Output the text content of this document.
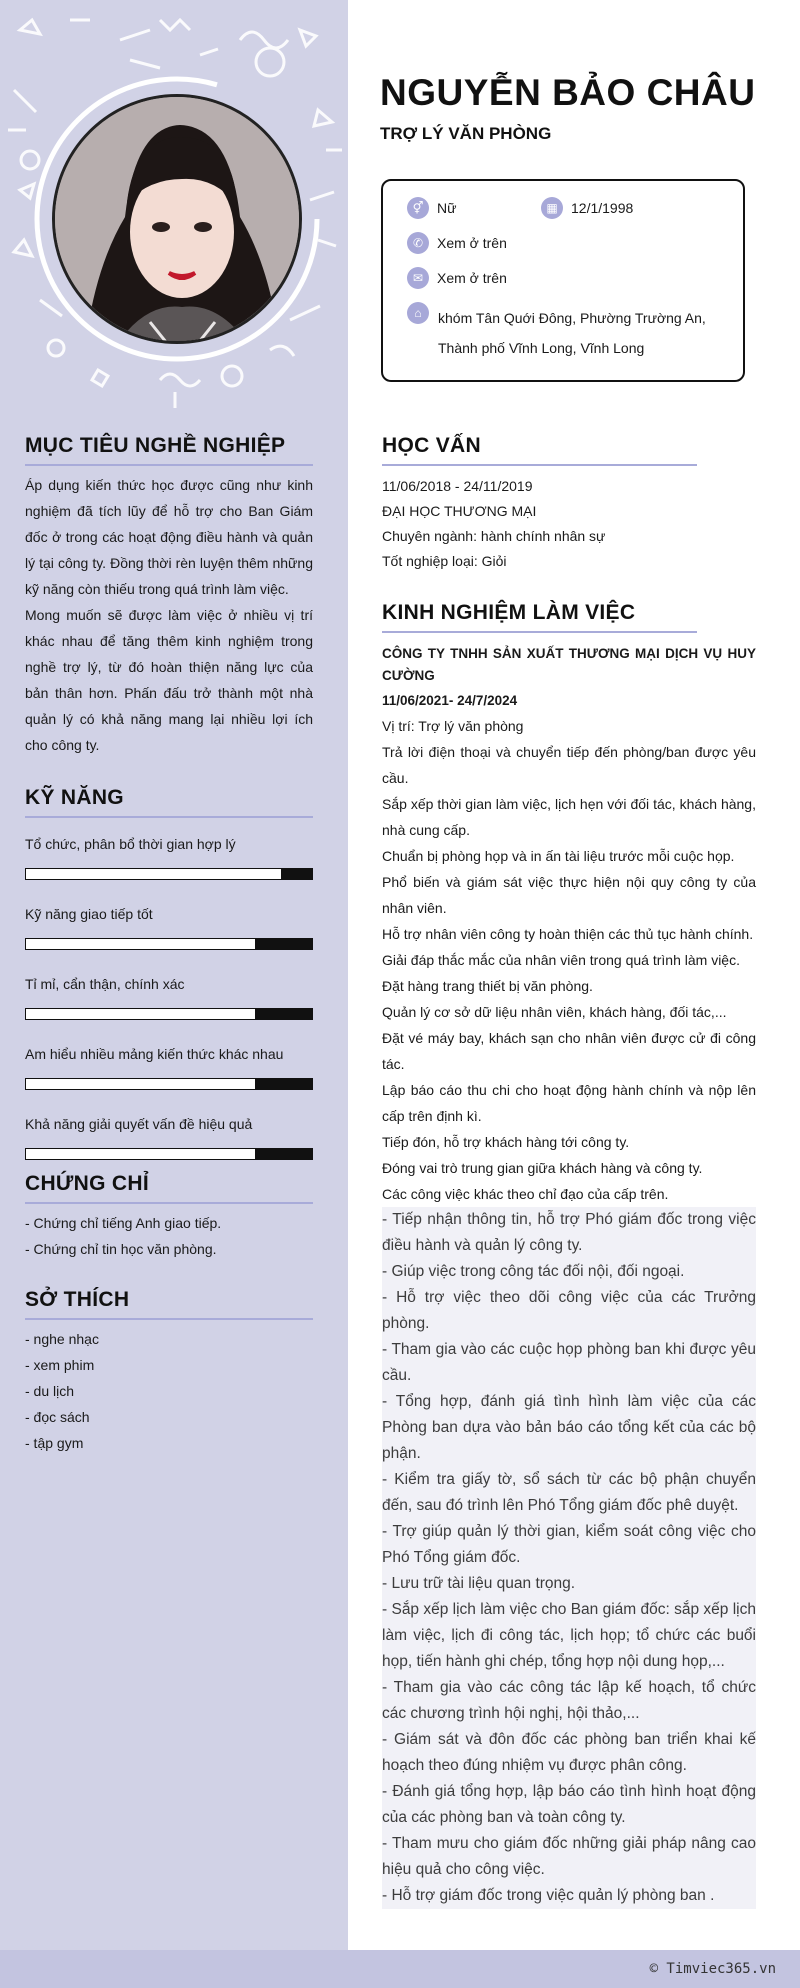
MỤC TIÊU NGHỀ NGHIỆP

Áp dụng kiến thức học được cũng như kinh nghiệm đã tích lũy để hỗ trợ cho Ban Giám đốc ở trong các hoạt động điều hành và quản lý tại công ty. Đồng thời rèn luyện thêm những kỹ năng còn thiếu trong quá trình làm việc.

Mong muốn sẽ được làm việc ở nhiều vị trí khác nhau để tăng thêm kinh nghiệm trong nghề trợ lý, từ đó hoàn thiện năng lực của bản thân hơn. Phấn đấu trở thành một nhà quản lý có khả năng mang lại nhiều lợi ích cho công ty.

KỸ NĂNG
Tổ chức, phân bổ thời gian hợp lý
Kỹ năng giao tiếp tốt
Tỉ mỉ, cẩn thận, chính xác
Am hiểu nhiều mảng kiến thức khác nhau
Khả năng giải quyết vấn đề hiệu quả
CHỨNG CHỈ
- Chứng chỉ tiếng Anh giao tiếp.
- Chứng chỉ tin học văn phòng.
SỞ THÍCH
- nghe nhạc
- xem phim
- du lịch
- đọc sách
- tập gym
NGUYỄN BẢO CHÂU
TRỢ LÝ VĂN PHÒNG
⚥ Nữ	▦ 12/1/1998
✆ Xem ở trên
✉ Xem ở trên
⌂	khóm Tân Quới Đông, Phường Trường An,
Thành phố Vĩnh Long, Vĩnh Long
HỌC VẤN
11/06/2018 - 24/11/2019
ĐẠI HỌC THƯƠNG MẠI
Chuyên ngành: hành chính nhân sự
Tốt nghiệp loại: Giỏi
KINH NGHIỆM LÀM VIỆC
CÔNG TY TNHH SẢN XUẤT THƯƠNG MẠI DỊCH VỤ HUY CƯỜNG
11/06/2021- 24/7/2024
Vị trí: Trợ lý văn phòng
Trả lời điện thoại và chuyển tiếp đến phòng/ban được yêu cầu.
Sắp xếp thời gian làm việc, lịch hẹn với đối tác, khách hàng, nhà cung cấp.
Chuẩn bị phòng họp và in ấn tài liệu trước mỗi cuộc họp.
Phổ biến và giám sát việc thực hiện nội quy công ty của nhân viên.
Hỗ trợ nhân viên công ty hoàn thiện các thủ tục hành chính.
Giải đáp thắc mắc của nhân viên trong quá trình làm việc.
Đặt hàng trang thiết bị văn phòng.
Quản lý cơ sở dữ liệu nhân viên, khách hàng, đối tác,...
Đặt vé máy bay, khách sạn cho nhân viên được cử đi công tác.
Lập báo cáo thu chi cho hoạt động hành chính và nộp lên cấp trên định kì.
Tiếp đón, hỗ trợ khách hàng tới công ty.
Đóng vai trò trung gian giữa khách hàng và công ty.
Các công việc khác theo chỉ đạo của cấp trên.
- Tiếp nhận thông tin, hỗ trợ Phó giám đốc trong việc điều hành và quản lý công ty.
- Giúp việc trong công tác đối nội, đối ngoại.
- Hỗ trợ việc theo dõi công việc của các Trưởng phòng.
- Tham gia vào các cuộc họp phòng ban khi được yêu cầu.
- Tổng hợp, đánh giá tình hình làm việc của các Phòng ban dựa vào bản báo cáo tổng kết của các bộ phận.
- Kiểm tra giấy tờ, sổ sách từ các bộ phận chuyển đến, sau đó trình lên Phó Tổng giám đốc phê duyệt.
- Trợ giúp quản lý thời gian, kiểm soát công việc cho Phó Tổng giám đốc.
- Lưu trữ tài liệu quan trọng.
- Sắp xếp lịch làm việc cho Ban giám đốc: sắp xếp lịch làm việc, lịch đi công tác, lịch họp; tổ chức các buổi họp, tiến hành ghi chép, tổng hợp nội dung họp,...
- Tham gia vào các công tác lập kế hoạch, tổ chức các chương trình hội nghị, hội thảo,...
- Giám sát và đôn đốc các phòng ban triển khai kế hoạch theo đúng nhiệm vụ được phân công.
- Đánh giá tổng hợp, lập báo cáo tình hình hoạt động của các phòng ban và toàn công ty.
- Tham mưu cho giám đốc những giải pháp nâng cao hiệu quả cho công việc.
- Hỗ trợ giám đốc trong việc quản lý phòng ban .
© Timviec365.vn
